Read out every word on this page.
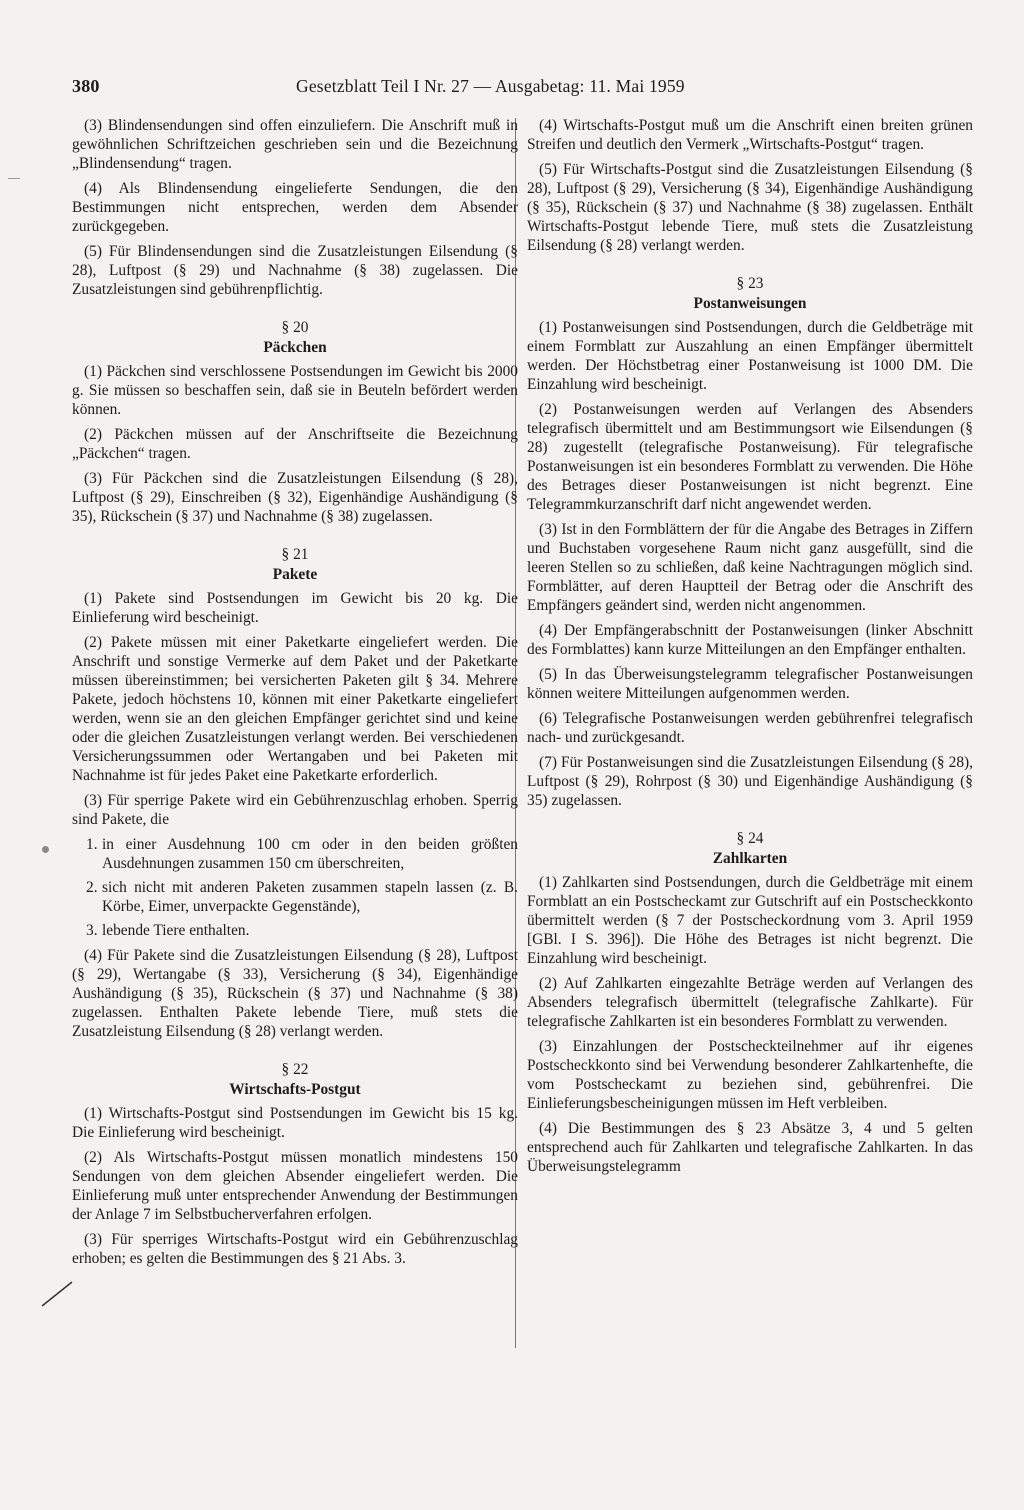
380	Gesetzblatt Teil I Nr. 27 — Ausgabetag: 11. Mai 1959

(3) Blindensendungen sind offen einzuliefern. Die Anschrift muß in gewöhnlichen Schriftzeichen geschrieben sein und die Bezeichnung „Blindensendung“ tragen.

(4) Als Blindensendung eingelieferte Sendungen, die den Bestimmungen nicht entsprechen, werden dem Absender zurückgegeben.

(5) Für Blindensendungen sind die Zusatzleistungen Eilsendung (§ 28), Luftpost (§ 29) und Nachnahme (§ 38) zugelassen. Die Zusatzleistungen sind gebührenpflichtig.

§ 20
Päckchen

(1) Päckchen sind verschlossene Postsendungen im Gewicht bis 2000 g. Sie müssen so beschaffen sein, daß sie in Beuteln befördert werden können.

(2) Päckchen müssen auf der Anschriftseite die Bezeichnung „Päckchen“ tragen.

(3) Für Päckchen sind die Zusatzleistungen Eilsendung (§ 28), Luftpost (§ 29), Einschreiben (§ 32), Eigenhändige Aushändigung (§ 35), Rückschein (§ 37) und Nachnahme (§ 38) zugelassen.

§ 21
Pakete

(1) Pakete sind Postsendungen im Gewicht bis 20 kg. Die Einlieferung wird bescheinigt.

(2) Pakete müssen mit einer Paketkarte eingeliefert werden. Die Anschrift und sonstige Vermerke auf dem Paket und der Paketkarte müssen übereinstimmen; bei versicherten Paketen gilt § 34. Mehrere Pakete, jedoch höchstens 10, können mit einer Paketkarte eingeliefert werden, wenn sie an den gleichen Empfänger gerichtet sind und keine oder die gleichen Zusatzleistungen verlangt werden. Bei verschiedenen Versicherungssummen oder Wertangaben und bei Paketen mit Nachnahme ist für jedes Paket eine Paketkarte erforderlich.

(3) Für sperrige Pakete wird ein Gebührenzuschlag erhoben. Sperrig sind Pakete, die

1. in einer Ausdehnung 100 cm oder in den beiden größten Ausdehnungen zusammen 150 cm überschreiten,
2. sich nicht mit anderen Paketen zusammen stapeln lassen (z. B. Körbe, Eimer, unverpackte Gegenstände),
3. lebende Tiere enthalten.

(4) Für Pakete sind die Zusatzleistungen Eilsendung (§ 28), Luftpost (§ 29), Wertangabe (§ 33), Versicherung (§ 34), Eigenhändige Aushändigung (§ 35), Rückschein (§ 37) und Nachnahme (§ 38) zugelassen. Enthalten Pakete lebende Tiere, muß stets die Zusatzleistung Eilsendung (§ 28) verlangt werden.

§ 22
Wirtschafts-Postgut

(1) Wirtschafts-Postgut sind Postsendungen im Gewicht bis 15 kg. Die Einlieferung wird bescheinigt.

(2) Als Wirtschafts-Postgut müssen monatlich mindestens 150 Sendungen von dem gleichen Absender eingeliefert werden. Die Einlieferung muß unter entsprechender Anwendung der Bestimmungen der Anlage 7 im Selbstbucherverfahren erfolgen.

(3) Für sperriges Wirtschafts-Postgut wird ein Gebührenzuschlag erhoben; es gelten die Bestimmungen des § 21 Abs. 3.

(4) Wirtschafts-Postgut muß um die Anschrift einen breiten grünen Streifen und deutlich den Vermerk „Wirtschafts-Postgut“ tragen.

(5) Für Wirtschafts-Postgut sind die Zusatzleistungen Eilsendung (§ 28), Luftpost (§ 29), Versicherung (§ 34), Eigenhändige Aushändigung (§ 35), Rückschein (§ 37) und Nachnahme (§ 38) zugelassen. Enthält Wirtschafts-Postgut lebende Tiere, muß stets die Zusatzleistung Eilsendung (§ 28) verlangt werden.

§ 23
Postanweisungen

(1) Postanweisungen sind Postsendungen, durch die Geldbeträge mit einem Formblatt zur Auszahlung an einen Empfänger übermittelt werden. Der Höchstbetrag einer Postanweisung ist 1000 DM. Die Einzahlung wird bescheinigt.

(2) Postanweisungen werden auf Verlangen des Absenders telegrafisch übermittelt und am Bestimmungsort wie Eilsendungen (§ 28) zugestellt (telegrafische Postanweisung). Für telegrafische Postanweisungen ist ein besonderes Formblatt zu verwenden. Die Höhe des Betrages dieser Postanweisungen ist nicht begrenzt. Eine Telegrammkurzanschrift darf nicht angewendet werden.

(3) Ist in den Formblättern der für die Angabe des Betrages in Ziffern und Buchstaben vorgesehene Raum nicht ganz ausgefüllt, sind die leeren Stellen so zu schließen, daß keine Nachtragungen möglich sind. Formblätter, auf deren Hauptteil der Betrag oder die Anschrift des Empfängers geändert sind, werden nicht angenommen.

(4) Der Empfängerabschnitt der Postanweisungen (linker Abschnitt des Formblattes) kann kurze Mitteilungen an den Empfänger enthalten.

(5) In das Überweisungstelegramm telegrafischer Postanweisungen können weitere Mitteilungen aufgenommen werden.

(6) Telegrafische Postanweisungen werden gebührenfrei telegrafisch nach- und zurückgesandt.

(7) Für Postanweisungen sind die Zusatzleistungen Eilsendung (§ 28), Luftpost (§ 29), Rohrpost (§ 30) und Eigenhändige Aushändigung (§ 35) zugelassen.

§ 24
Zahlkarten

(1) Zahlkarten sind Postsendungen, durch die Geldbeträge mit einem Formblatt an ein Postscheckamt zur Gutschrift auf ein Postscheckkonto übermittelt werden (§ 7 der Postscheckordnung vom 3. April 1959 [GBl. I S. 396]). Die Höhe des Betrages ist nicht begrenzt. Die Einzahlung wird bescheinigt.

(2) Auf Zahlkarten eingezahlte Beträge werden auf Verlangen des Absenders telegrafisch übermittelt (telegrafische Zahlkarte). Für telegrafische Zahlkarten ist ein besonderes Formblatt zu verwenden.

(3) Einzahlungen der Postscheckteilnehmer auf ihr eigenes Postscheckkonto sind bei Verwendung besonderer Zahlkartenhefte, die vom Postscheckamt zu beziehen sind, gebührenfrei. Die Einlieferungsbescheinigungen müssen im Heft verbleiben.

(4) Die Bestimmungen des § 23 Absätze 3, 4 und 5 gelten entsprechend auch für Zahlkarten und telegrafische Zahlkarten. In das Überweisungstelegramm
